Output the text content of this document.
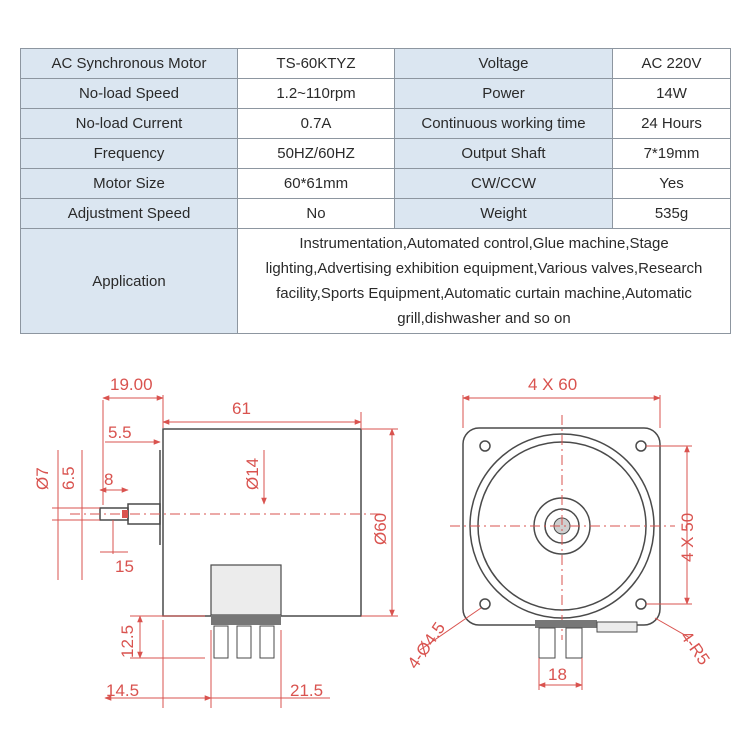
AC Synchronous Motor	TS-60KTYZ	Voltage	AC 220V
No-load Speed	1.2~110rpm	Power	14W
No-load Current	0.7A	Continuous working time	24 Hours
Frequency	50HZ/60HZ	Output Shaft	7*19mm
Motor Size	60*61mm	CW/CCW	Yes
Adjustment Speed	No	Weight	535g
Application	Instrumentation,Automated control,Glue machine,Stage lighting,Advertising exhibition equipment,Various valves,Research facility,Sports Equipment,Automatic curtain machine,Automatic grill,dishwasher and so on		
19.00
61
5.5
Ø7 6.5 8
15
Ø14
Ø60
12.5
14.5	21.5
4 X 60
4 X 50
4-Ø4.5	4-R5
18
